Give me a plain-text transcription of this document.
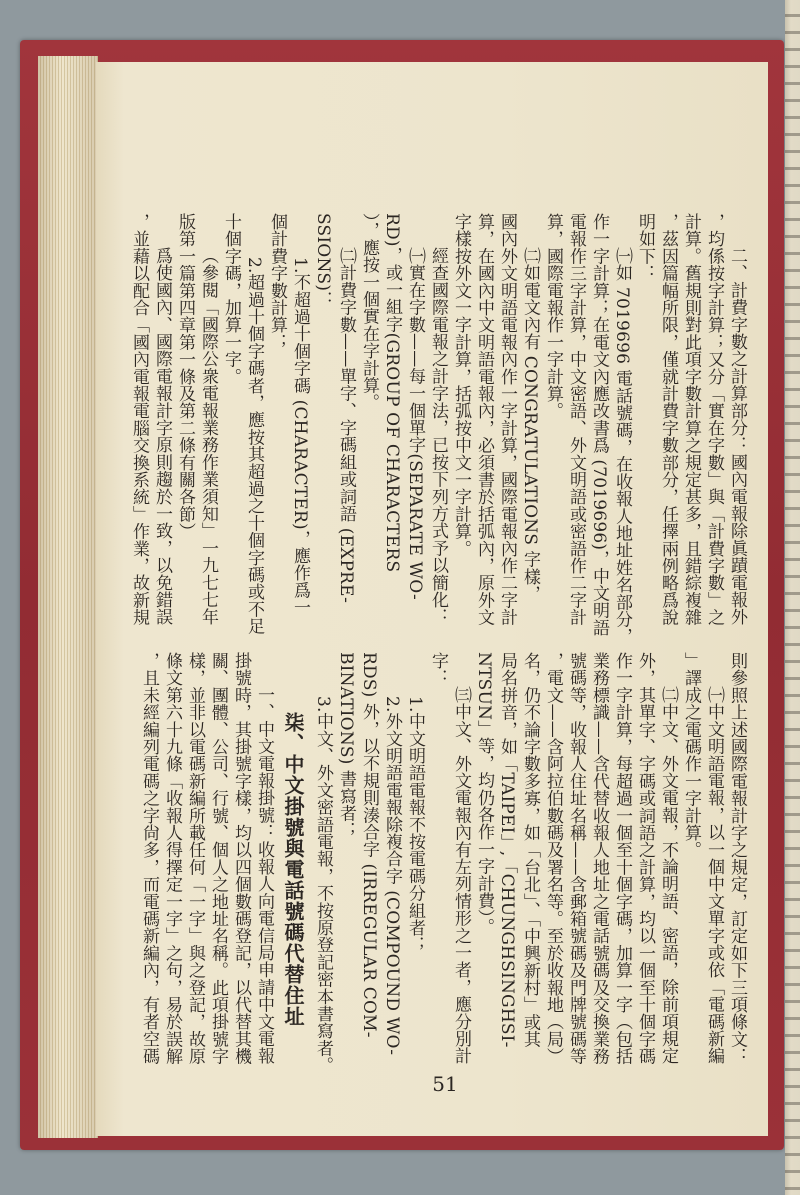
二、計費字數之計算部分：國內電報除眞蹟電報外
，均係按字計算；又分「實在字數」與「計費字數」之
計算。舊規則對此項字數計算之規定甚多，且錯綜複雜
，茲因篇幅所限，僅就計費字數部分，任擇兩例略爲說
明如下：
㈠如 7019696 電話號碼，在收報人地址姓名部分，
作一字計算；在電文內應改書爲 (7019696)，中文明語
電報作三字計算，中文密語、外文明語或密語作二字計
算，國際電報作一字計算。
㈡如電文內有 CONGRATULATIONS 字樣，
國內外文明語電報內作一字計算，國際電報內作二字計
算，在國內中文明語電報內，必須書於括弧內，原外文
字樣按外文一字計算，括弧按中文一字計算。
經查國際電報之計字法，已按下列方式予以簡化：
㈠實在字數——每一個單字(SEPARATE WO-
RD)，或一組字(GROUP OF CHARACTERS
），應按一個實在字計算。
㈡計費字數——單字、字碼組或詞語 (EXPRE-
SSIONS)：
1.不超過十個字碼 (CHARACTER)，應作爲一
個計費字數計算；
2.超過十個字碼者，應按其超過之十個字碼或不足
十個字碼，加算一字。
（參閱「國際公衆電報業務作業須知」一九七七年
版第一篇第四章第一條及第二條有關各節）
爲使國內、國際電報計字原則趨於一致，以免錯誤
，並藉以配合「國內電報電腦交換系統」作業，故新規
則參照上述國際電報計字之規定，訂定如下三項條文：
㈠中文明語電報，以一個中文單字或依「電碼新編
」譯成之電碼作一字計算。
㈡中文、外文電報，不論明語、密語，除前項規定
外，其單字、字碼或詞語之計算，均以一個至十個字碼
作一字計算，每超過一個至十個字碼，加算一字（包括
業務標識——含代替收報人地址之電話號碼及交換業務
號碼等，收報人住址名稱——含郵箱號碼及門牌號碼等
，電文——含阿拉伯數碼及署名等。至於收報地（局）
名，仍不論字數多寡，如「台北」、「中興新村」或其
局名拼音，如「TAIPEI」,「CHUNGHSINGHSI-
NTSUN」等，均仍各作一字計費）。
㈢中文、外文電報內有左列情形之一者，應分別計
字：
1.中文明語電報不按電碼分組者；
2.外文明語電報除複合字 (COMPOUND WO-
RDS) 外，以不規則湊合字 (IRREGULAR COM-
BINATIONS) 書寫者；
3.中文、外文密語電報，不按原登記密本書寫者。
柒、中文掛號與電話號碼代替住址
一、中文電報掛號：收報人向電信局申請中文電報
掛號時，其掛號字樣，均以四個數碼登記，以代替其機
關、團體、公司、行號、個人之地址名稱。此項掛號字
樣，並非以電碼新編所載任何「一字」與之登記，故原
條文第六十九條「收報人得擇定一字」之句，易於誤解
，且未經編列電碼之字尙多，而電碼新編內，有者空碼
51
